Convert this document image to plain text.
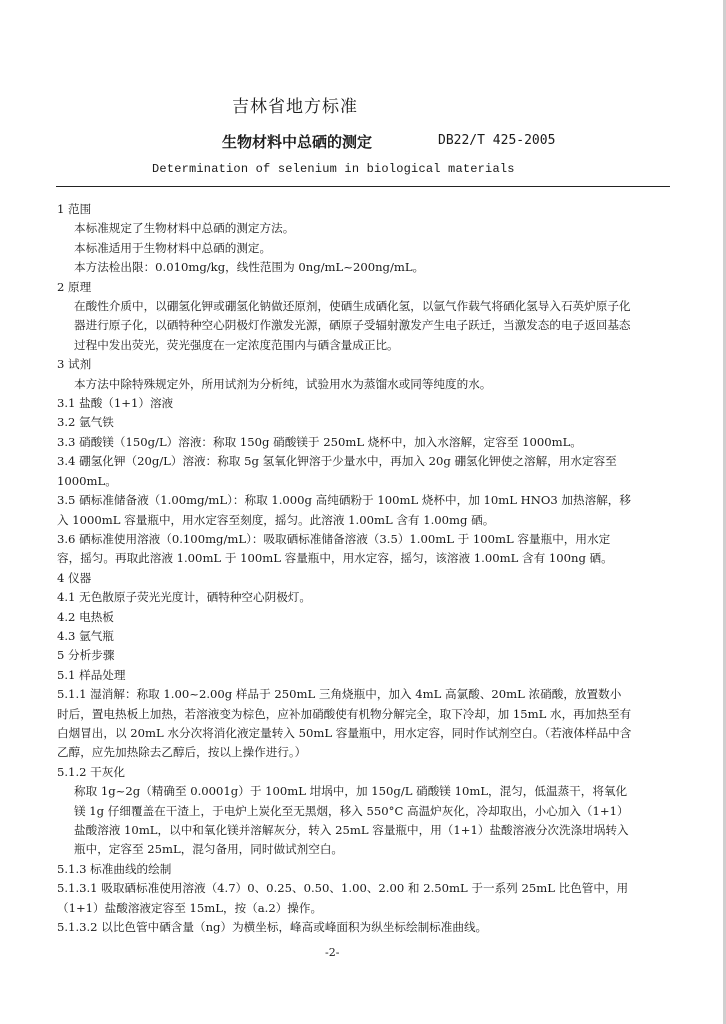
吉林省地方标准
生物材料中总硒的测定	DB22/T 425-2005
Determination of selenium in biological materials
1 范围
本标准规定了生物材料中总硒的测定方法。
本标准适用于生物材料中总硒的测定。
本方法检出限：0.010mg/kg，线性范围为 0ng/mL~200ng/mL。
2 原理
在酸性介质中，以硼氢化钾或硼氢化钠做还原剂，使硒生成硒化氢，以氩气作载气将硒化氢导入石英炉原子化器进行原子化，以硒特种空心阴极灯作激发光源，硒原子受辐射激发产生电子跃迁，当激发态的电子返回基态过程中发出荧光，荧光强度在一定浓度范围内与硒含量成正比。
3 试剂
本方法中除特殊规定外，所用试剂为分析纯，试验用水为蒸馏水或同等纯度的水。
3.1 盐酸（1+1）溶液
3.2 氩气铁
3.3 硝酸镁（150g/L）溶液：称取 150g 硝酸镁于 250mL 烧杯中，加入水溶解，定容至 1000mL。
3.4 硼氢化钾（20g/L）溶液：称取 5g 氢氧化钾溶于少量水中，再加入 20g 硼氢化钾使之溶解，用水定容至 1000mL。
3.5 硒标准储备液（1.00mg/mL）：称取 1.000g 高纯硒粉于 100mL 烧杯中，加 10mL HNO3 加热溶解，移入 1000mL 容量瓶中，用水定容至刻度，摇匀。此溶液 1.00mL 含有 1.00mg 硒。
3.6 硒标准使用溶液（0.100mg/mL）：吸取硒标准储备溶液（3.5）1.00mL 于 100mL 容量瓶中，用水定容，摇匀。再取此溶液 1.00mL 于 100mL 容量瓶中，用水定容，摇匀，该溶液 1.00mL 含有 100ng 硒。
4 仪器
4.1 无色散原子荧光光度计，硒特种空心阴极灯。
4.2 电热板
4.3 氩气瓶
5 分析步骤
5.1 样品处理
5.1.1 湿消解：称取 1.00~2.00g 样品于 250mL 三角烧瓶中，加入 4mL 高氯酸、20mL 浓硝酸，放置数小时后，置电热板上加热，若溶液变为棕色，应补加硝酸使有机物分解完全，取下冷却，加 15mL 水，再加热至有白烟冒出，以 20mL 水分次将消化液定量转入 50mL 容量瓶中，用水定容，同时作试剂空白。（若液体样品中含乙醇，应先加热除去乙醇后，按以上操作进行。）
5.1.2 干灰化
称取 1g~2g（精确至 0.0001g）于 100mL 坩埚中，加 150g/L 硝酸镁 10mL，混匀，低温蒸干，将氧化镁 1g 仔细覆盖在干渣上，于电炉上炭化至无黑烟，移入 550°C 高温炉灰化，冷却取出，小心加入（1+1）盐酸溶液 10mL，以中和氧化镁并溶解灰分，转入 25mL 容量瓶中，用（1+1）盐酸溶液分次洗涤坩埚转入瓶中，定容至 25mL，混匀备用，同时做试剂空白。
5.1.3 标准曲线的绘制
5.1.3.1 吸取硒标准使用溶液（4.7）0、0.25、0.50、1.00、2.00 和 2.50mL 于一系列 25mL 比色管中，用（1+1）盐酸溶液定容至 15mL，按（a.2）操作。
5.1.3.2 以比色管中硒含量（ng）为横坐标，峰高或峰面积为纵坐标绘制标准曲线。
-2-
